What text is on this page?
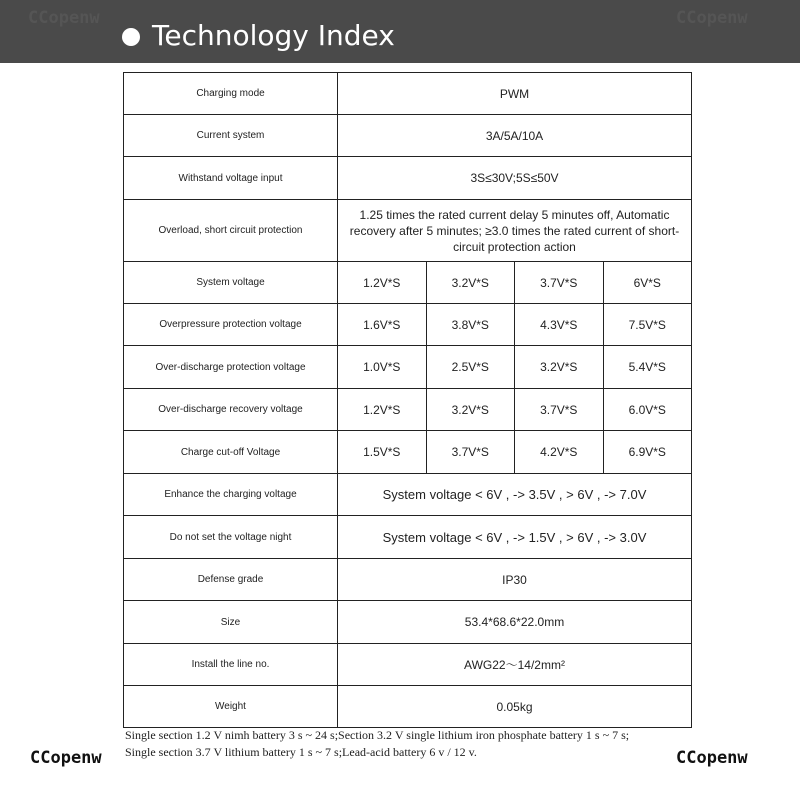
Technology Index
CCopenw	CCopenw
Charging mode	PWM			
Current system	3A/5A/10A			
Withstand voltage input	3S≤30V;5S≤50V			
Overload, short circuit protection	1.25 times the rated current delay 5 minutes off, Automatic recovery after 5 minutes; ≥3.0 times the rated current of short-circuit protection action			
System voltage	1.2V*S	3.2V*S	3.7V*S	6V*S
Overpressure protection voltage	1.6V*S	3.8V*S	4.3V*S	7.5V*S
Over-discharge protection voltage	1.0V*S	2.5V*S	3.2V*S	5.4V*S
Over-discharge recovery voltage	1.2V*S	3.2V*S	3.7V*S	6.0V*S
Charge cut-off Voltage	1.5V*S	3.7V*S	4.2V*S	6.9V*S
Enhance the charging voltage	System voltage < 6V , -> 3.5V , > 6V , -> 7.0V			
Do not set the voltage night	System voltage < 6V , -> 1.5V , > 6V , -> 3.0V			
Defense grade	IP30			
Size	53.4*68.6*22.0mm			
Install the line no.	AWG22～14/2mm²			
Weight	0.05kg			
Single section 1.2 V nimh battery 3 s ~ 24 s;Section 3.2 V single lithium iron phosphate battery 1 s ~ 7 s;
Single section 3.7 V lithium battery 1 s ~ 7 s;Lead-acid battery 6 v / 12 v.
CCopenw	CCopenw
